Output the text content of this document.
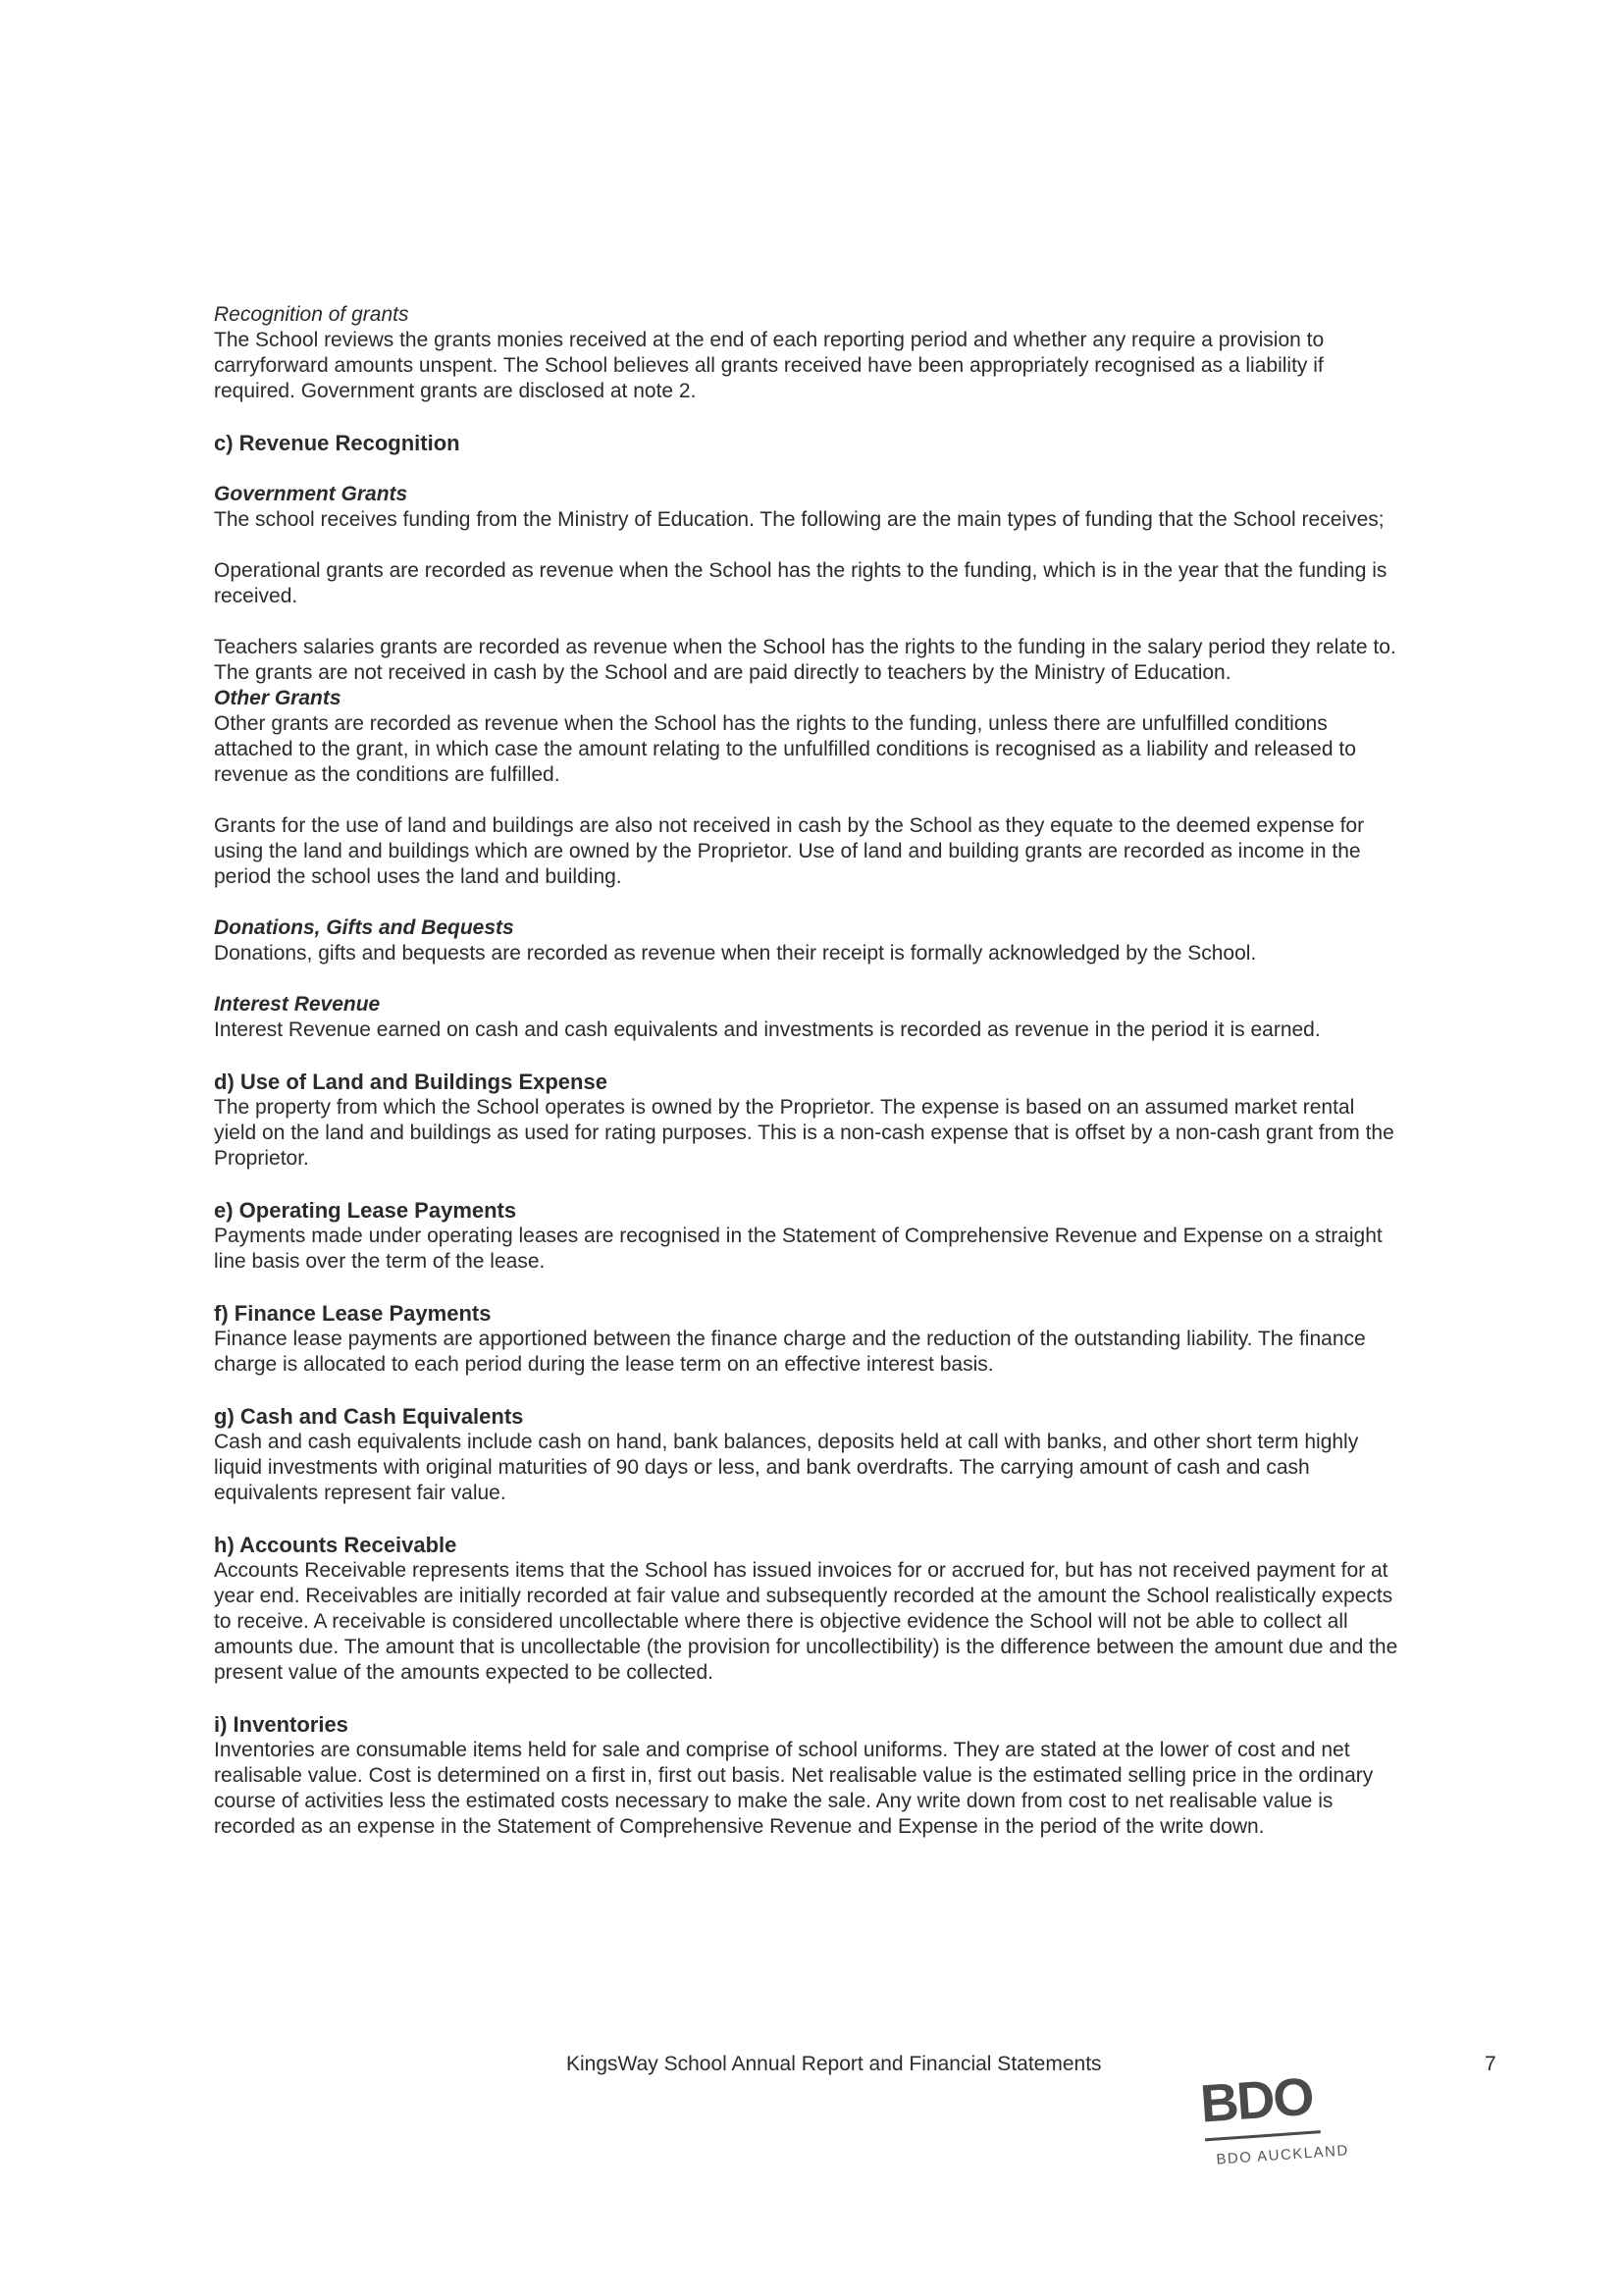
Recognition of grants

The School reviews the grants monies received at the end of each reporting period and whether any require a provision to carryforward amounts unspent. The School believes all grants received have been appropriately recognised as a liability if required. Government grants are disclosed at note 2.

c) Revenue Recognition
Government Grants

The school receives funding from the Ministry of Education. The following are the main types of funding that the School receives;

Operational grants are recorded as revenue when the School has the rights to the funding, which is in the year that the funding is received.

Teachers salaries grants are recorded as revenue when the School has the rights to the funding in the salary period they relate to. The grants are not received in cash by the School and are paid directly to teachers by the Ministry of Education.

Other Grants

Other grants are recorded as revenue when the School has the rights to the funding, unless there are unfulfilled conditions attached to the grant, in which case the amount relating to the unfulfilled conditions is recognised as a liability and released to revenue as the conditions are fulfilled.

Grants for the use of land and buildings are also not received in cash by the School as they equate to the deemed expense for using the land and buildings which are owned by the Proprietor. Use of land and building grants are recorded as income in the period the school uses the land and building.

Donations, Gifts and Bequests

Donations, gifts and bequests are recorded as revenue when their receipt is formally acknowledged by the School.

Interest Revenue

Interest Revenue earned on cash and cash equivalents and investments is recorded as revenue in the period it is earned.

d) Use of Land and Buildings Expense

The property from which the School operates is owned by the Proprietor. The expense is based on an assumed market rental yield on the land and buildings as used for rating purposes. This is a non-cash expense that is offset by a non-cash grant from the Proprietor.

e) Operating Lease Payments

Payments made under operating leases are recognised in the Statement of Comprehensive Revenue and Expense on a straight line basis over the term of the lease.

f) Finance Lease Payments

Finance lease payments are apportioned between the finance charge and the reduction of the outstanding liability. The finance charge is allocated to each period during the lease term on an effective interest basis.

g) Cash and Cash Equivalents

Cash and cash equivalents include cash on hand, bank balances, deposits held at call with banks, and other short term highly liquid investments with original maturities of 90 days or less, and bank overdrafts. The carrying amount of cash and cash equivalents represent fair value.

h) Accounts Receivable

Accounts Receivable represents items that the School has issued invoices for or accrued for, but has not received payment for at year end. Receivables are initially recorded at fair value and subsequently recorded at the amount the School realistically expects to receive. A receivable is considered uncollectable where there is objective evidence the School will not be able to collect all amounts due. The amount that is uncollectable (the provision for uncollectibility) is the difference between the amount due and the present value of the amounts expected to be collected.

i) Inventories

Inventories are consumable items held for sale and comprise of school uniforms. They are stated at the lower of cost and net realisable value. Cost is determined on a first in, first out basis. Net realisable value is the estimated selling price in the ordinary course of activities less the estimated costs necessary to make the sale. Any write down from cost to net realisable value is recorded as an expense in the Statement of Comprehensive Revenue and Expense in the period of the write down.

KingsWay School Annual Report and Financial Statements	7
BDO
BDO AUCKLAND
